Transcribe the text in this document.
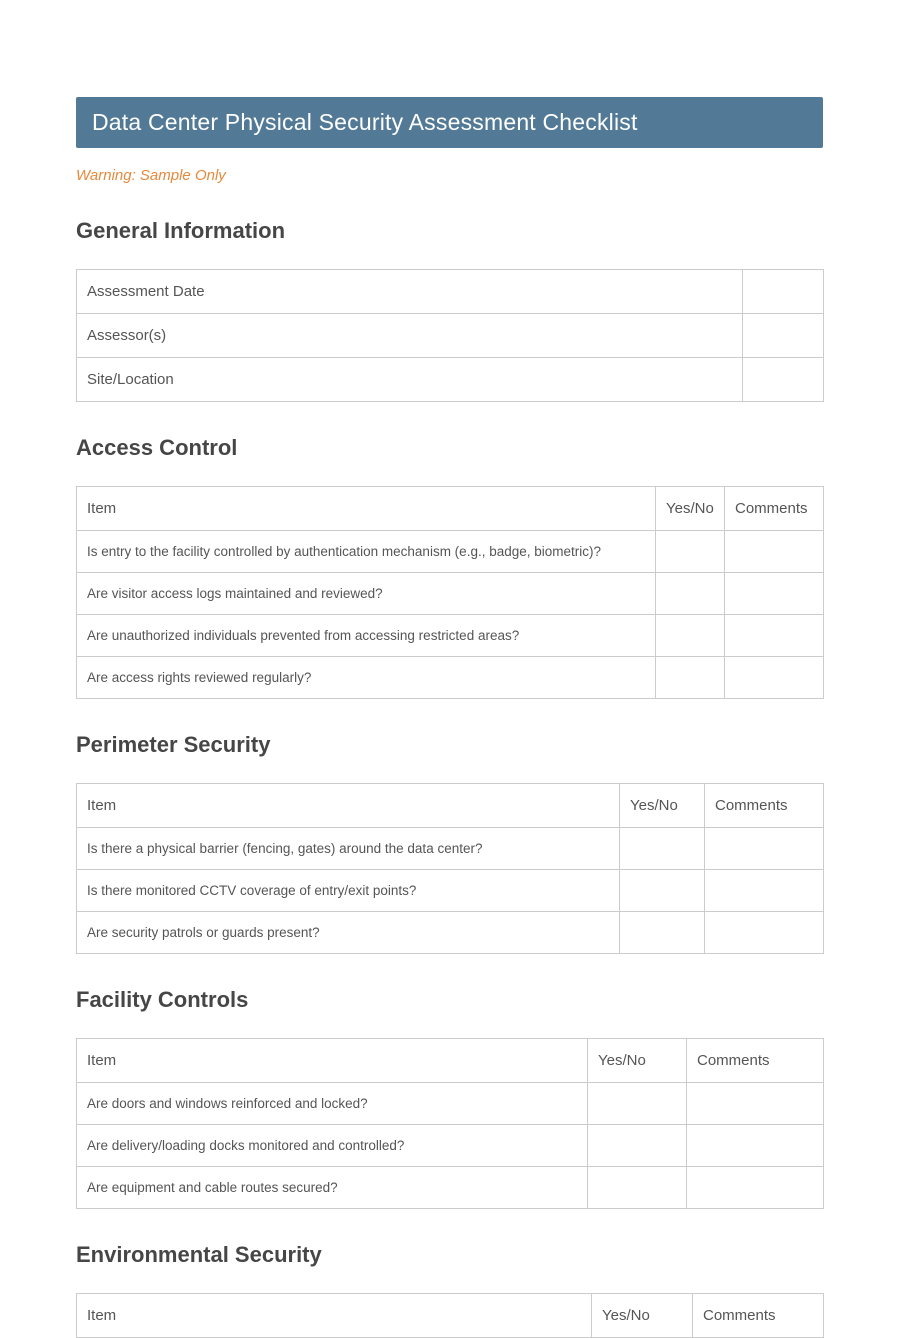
Data Center Physical Security Assessment Checklist

Warning: Sample Only

General Information
Assessment Date	
Assessor(s)	
Site/Location	
Access Control
Item	Yes/No	Comments
Is entry to the facility controlled by authentication mechanism (e.g., badge, biometric)?		
Are visitor access logs maintained and reviewed?		
Are unauthorized individuals prevented from accessing restricted areas?		
Are access rights reviewed regularly?		
Perimeter Security
Item	Yes/No	Comments
Is there a physical barrier (fencing, gates) around the data center?		
Is there monitored CCTV coverage of entry/exit points?		
Are security patrols or guards present?		
Facility Controls
Item	Yes/No	Comments
Are doors and windows reinforced and locked?		
Are delivery/loading docks monitored and controlled?		
Are equipment and cable routes secured?		
Environmental Security
Item	Yes/No	Comments
